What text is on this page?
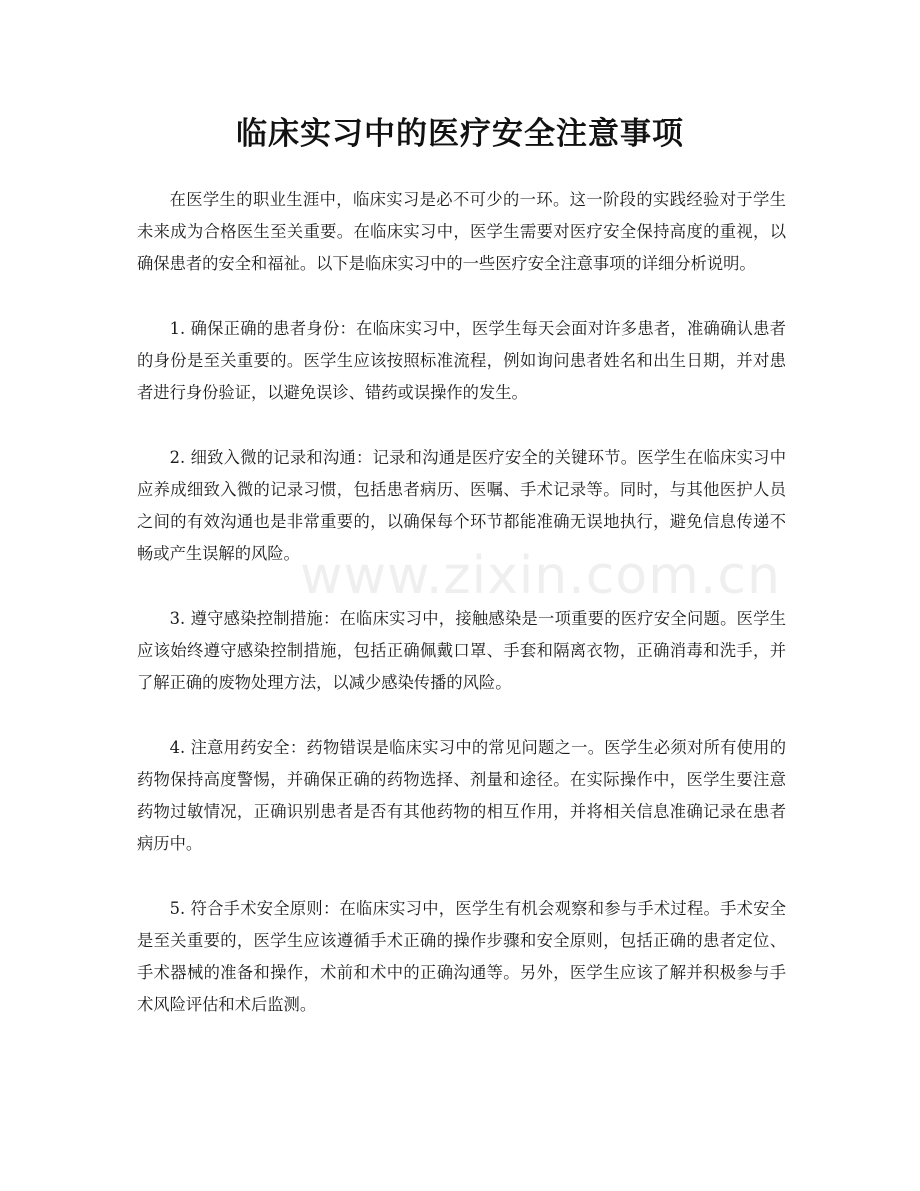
临床实习中的医疗安全注意事项

在医学生的职业生涯中，临床实习是必不可少的一环。这一阶段的实践经验对于学生未来成为合格医生至关重要。在临床实习中，医学生需要对医疗安全保持高度的重视，以确保患者的安全和福祉。以下是临床实习中的一些医疗安全注意事项的详细分析说明。

1. 确保正确的患者身份：在临床实习中，医学生每天会面对许多患者，准确确认患者的身份是至关重要的。医学生应该按照标准流程，例如询问患者姓名和出生日期，并对患者进行身份验证，以避免误诊、错药或误操作的发生。

2. 细致入微的记录和沟通：记录和沟通是医疗安全的关键环节。医学生在临床实习中应养成细致入微的记录习惯，包括患者病历、医嘱、手术记录等。同时，与其他医护人员之间的有效沟通也是非常重要的，以确保每个环节都能准确无误地执行，避免信息传递不畅或产生误解的风险。

3. 遵守感染控制措施：在临床实习中，接触感染是一项重要的医疗安全问题。医学生应该始终遵守感染控制措施，包括正确佩戴口罩、手套和隔离衣物，正确消毒和洗手，并了解正确的废物处理方法，以减少感染传播的风险。

4. 注意用药安全：药物错误是临床实习中的常见问题之一。医学生必须对所有使用的药物保持高度警惕，并确保正确的药物选择、剂量和途径。在实际操作中，医学生要注意药物过敏情况，正确识别患者是否有其他药物的相互作用，并将相关信息准确记录在患者病历中。

5. 符合手术安全原则：在临床实习中，医学生有机会观察和参与手术过程。手术安全是至关重要的，医学生应该遵循手术正确的操作步骤和安全原则，包括正确的患者定位、手术器械的准备和操作，术前和术中的正确沟通等。另外，医学生应该了解并积极参与手术风险评估和术后监测。

www.zixin.com.cn
